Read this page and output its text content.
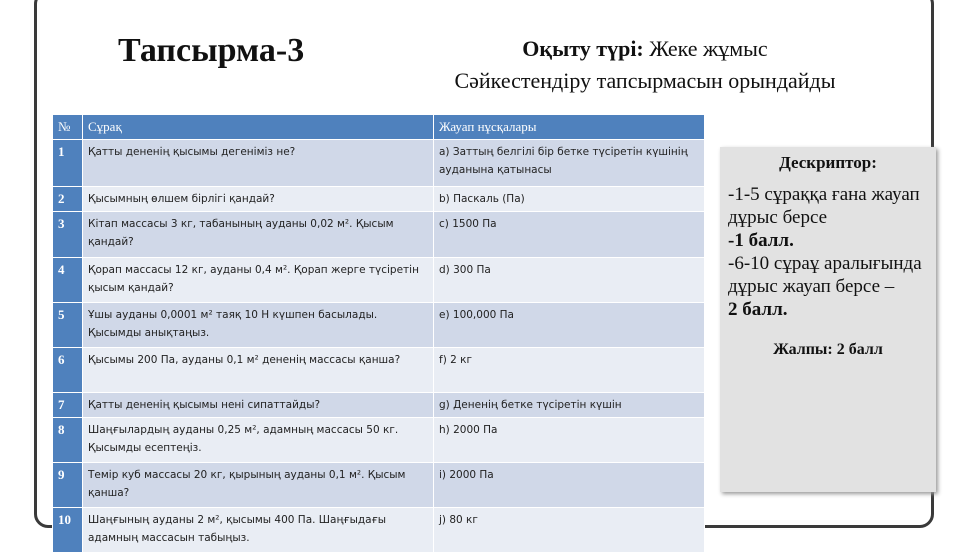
Тапсырма-3	Оқыту түрі: Жеке жұмыс
Сәйкестендіру тапсырмасын орындайды
№	Сұрақ	Жауап нұсқалары
1	Қатты дененің қысымы дегеніміз не?	a) Заттың белгілі бір бетке түсіретін күшінің ауданына қатынасы
2	Қысымның өлшем бірлігі қандай?	b) Паскаль (Па)
3	Кітап массасы 3 кг, табанының ауданы 0,02 м². Қысым қандай?	c) 1500 Па
4	Қорап массасы 12 кг, ауданы 0,4 м². Қорап жерге түсіретін қысым қандай?	d) 300 Па
5	Ұшы ауданы 0,0001 м² таяқ 10 Н күшпен басылады. Қысымды анықтаңыз.	e) 100,000 Па
6	Қысымы 200 Па, ауданы 0,1 м² дененің массасы қанша?	f) 2 кг
7	Қатты дененің қысымы нені сипаттайды?	g) Дененің бетке түсіретін күшін
8	Шаңғылардың ауданы 0,25 м², адамның массасы 50 кг. Қысымды есептеңіз.	h) 2000 Па
9	Темір куб массасы 20 кг, қырының ауданы 0,1 м². Қысым қанша?	i) 2000 Па
10	Шаңғының ауданы 2 м², қысымы 400 Па. Шаңғыдағы адамның массасын табыңыз.	j) 80 кг
Дескриптор:
-1-5 сұраққа ғана жауап дұрыс берсе
-1 балл.
-6-10 сұраұ аралығында дұрыс жауап берсе –
2 балл.
Жалпы: 2 балл
